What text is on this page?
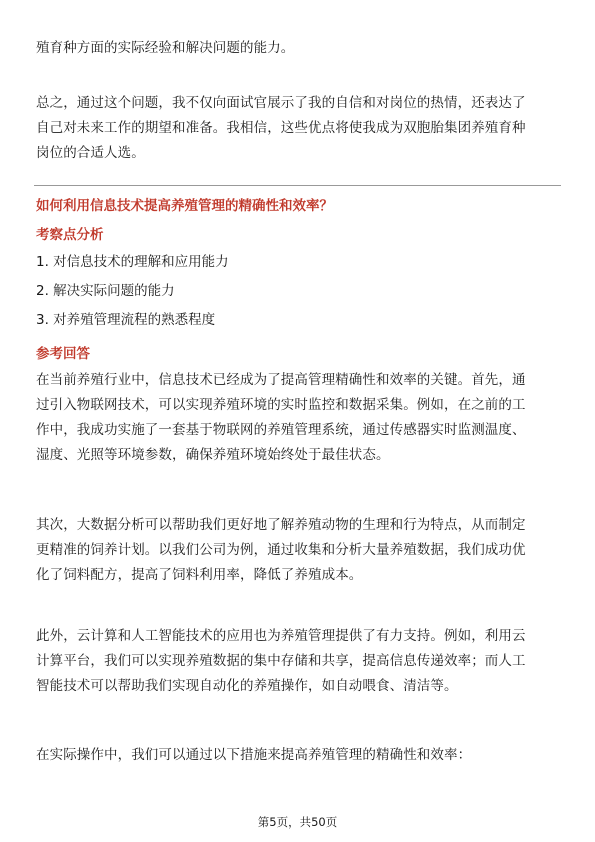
殖育种方面的实际经验和解决问题的能力。
总之，通过这个问题，我不仅向面试官展示了我的自信和对岗位的热情，还表达了
自己对未来工作的期望和准备。我相信，这些优点将使我成为双胞胎集团养殖育种
岗位的合适人选。
如何利用信息技术提高养殖管理的精确性和效率？
考察点分析
1. 对信息技术的理解和应用能力
2. 解决实际问题的能力
3. 对养殖管理流程的熟悉程度
参考回答
在当前养殖行业中，信息技术已经成为了提高管理精确性和效率的关键。首先，通
过引入物联网技术，可以实现养殖环境的实时监控和数据采集。例如，在之前的工
作中，我成功实施了一套基于物联网的养殖管理系统，通过传感器实时监测温度、
湿度、光照等环境参数，确保养殖环境始终处于最佳状态。
其次，大数据分析可以帮助我们更好地了解养殖动物的生理和行为特点，从而制定
更精准的饲养计划。以我们公司为例，通过收集和分析大量养殖数据，我们成功优
化了饲料配方，提高了饲料利用率，降低了养殖成本。
此外，云计算和人工智能技术的应用也为养殖管理提供了有力支持。例如，利用云
计算平台，我们可以实现养殖数据的集中存储和共享，提高信息传递效率；而人工
智能技术可以帮助我们实现自动化的养殖操作，如自动喂食、清洁等。
在实际操作中，我们可以通过以下措施来提高养殖管理的精确性和效率：
第5页，共50页
